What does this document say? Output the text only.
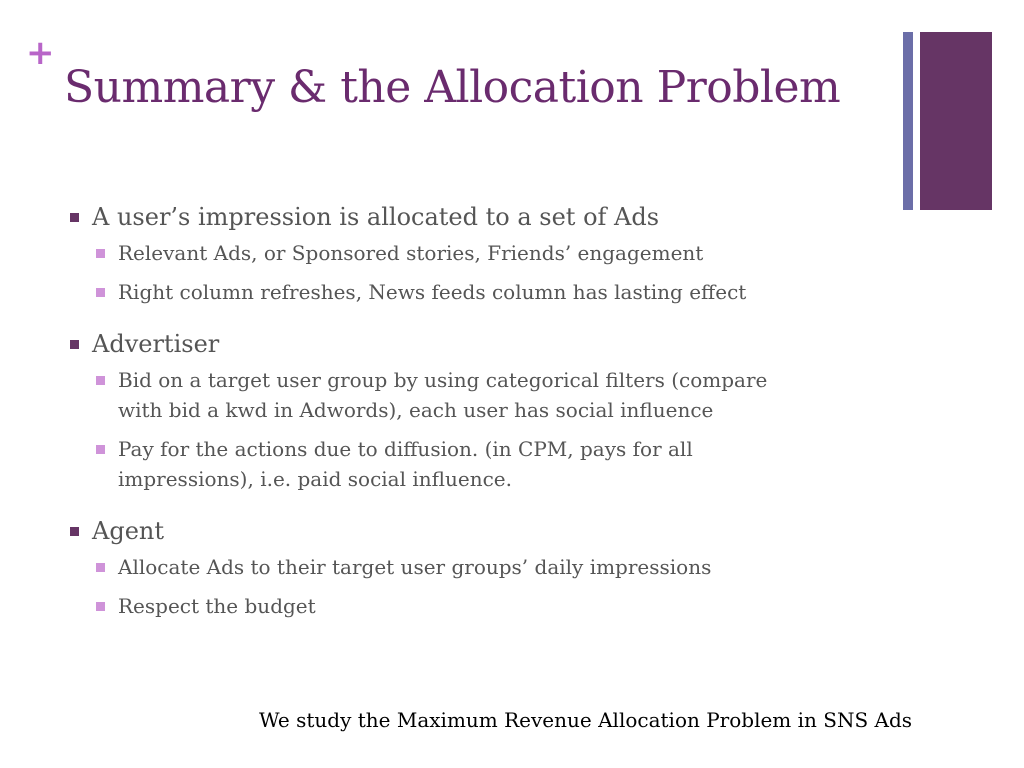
+
Summary & the Allocation Problem
A user’s impression is allocated to a set of Ads
Relevant Ads, or Sponsored stories, Friends’ engagement
Right column refreshes, News feeds column has lasting effect
Advertiser
Bid on a target user group by using categorical filters (compare with bid a kwd in Adwords), each user has social influence
Pay for the actions due to diffusion. (in CPM, pays for all impressions), i.e. paid social influence.
Agent
Allocate Ads to their target user groups’ daily impressions
Respect the budget
We study the Maximum Revenue Allocation Problem in SNS Ads
